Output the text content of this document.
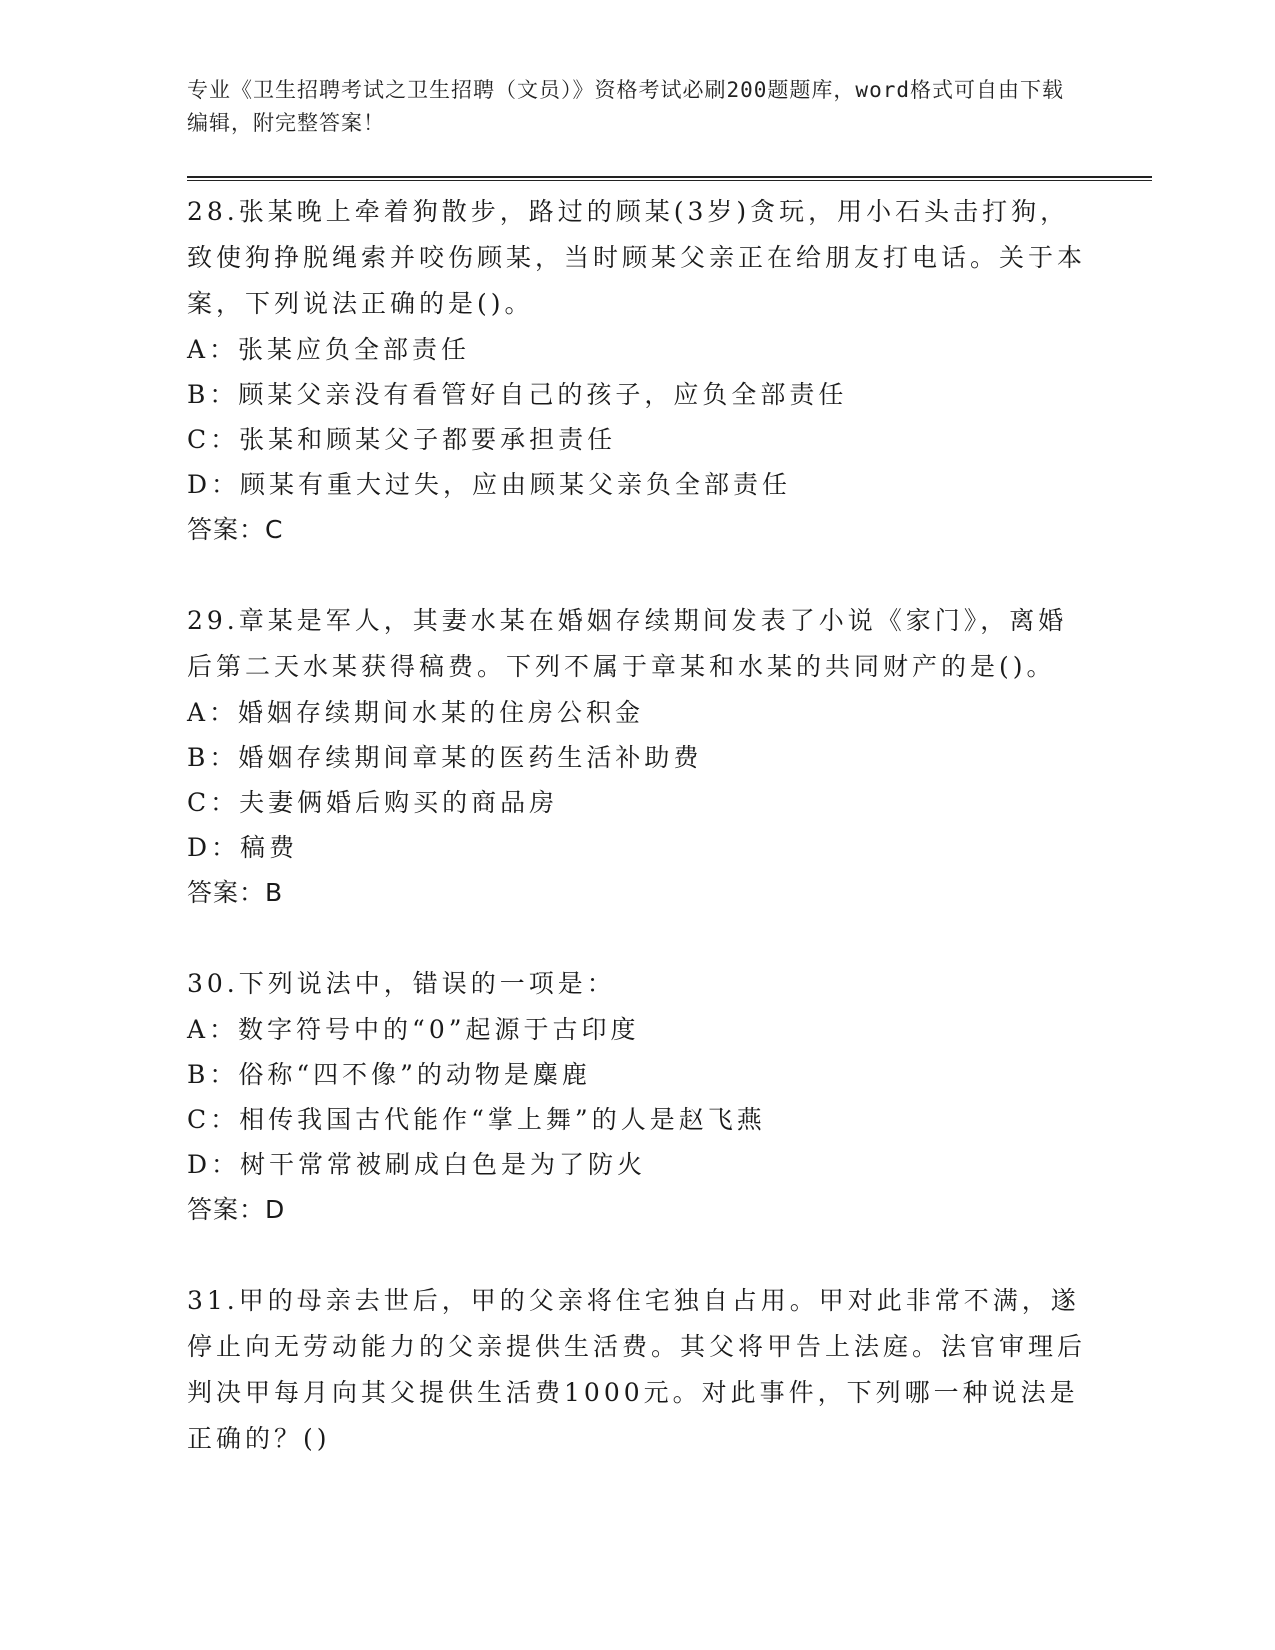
专业《卫生招聘考试之卫生招聘（文员）》资格考试必刷200题题库，word格式可自由下载编辑，附完整答案！

28.张某晚上牵着狗散步，路过的顾某(3岁)贪玩，用小石头击打狗，致使狗挣脱绳索并咬伤顾某，当时顾某父亲正在给朋友打电话。关于本案，下列说法正确的是()。

A：张某应负全部责任

B：顾某父亲没有看管好自己的孩子，应负全部责任

C：张某和顾某父子都要承担责任

D：顾某有重大过失，应由顾某父亲负全部责任

答案：C

29.章某是军人，其妻水某在婚姻存续期间发表了小说《家门》，离婚后第二天水某获得稿费。下列不属于章某和水某的共同财产的是()。

A：婚姻存续期间水某的住房公积金

B：婚姻存续期间章某的医药生活补助费

C：夫妻俩婚后购买的商品房

D：稿费

答案：B

30.下列说法中，错误的一项是：

A：数字符号中的“0”起源于古印度

B：俗称“四不像”的动物是麋鹿

C：相传我国古代能作“掌上舞”的人是赵飞燕

D：树干常常被刷成白色是为了防火

答案：D

31.甲的母亲去世后，甲的父亲将住宅独自占用。甲对此非常不满，遂停止向无劳动能力的父亲提供生活费。其父将甲告上法庭。法官审理后判决甲每月向其父提供生活费1000元。对此事件，下列哪一种说法是正确的？()
